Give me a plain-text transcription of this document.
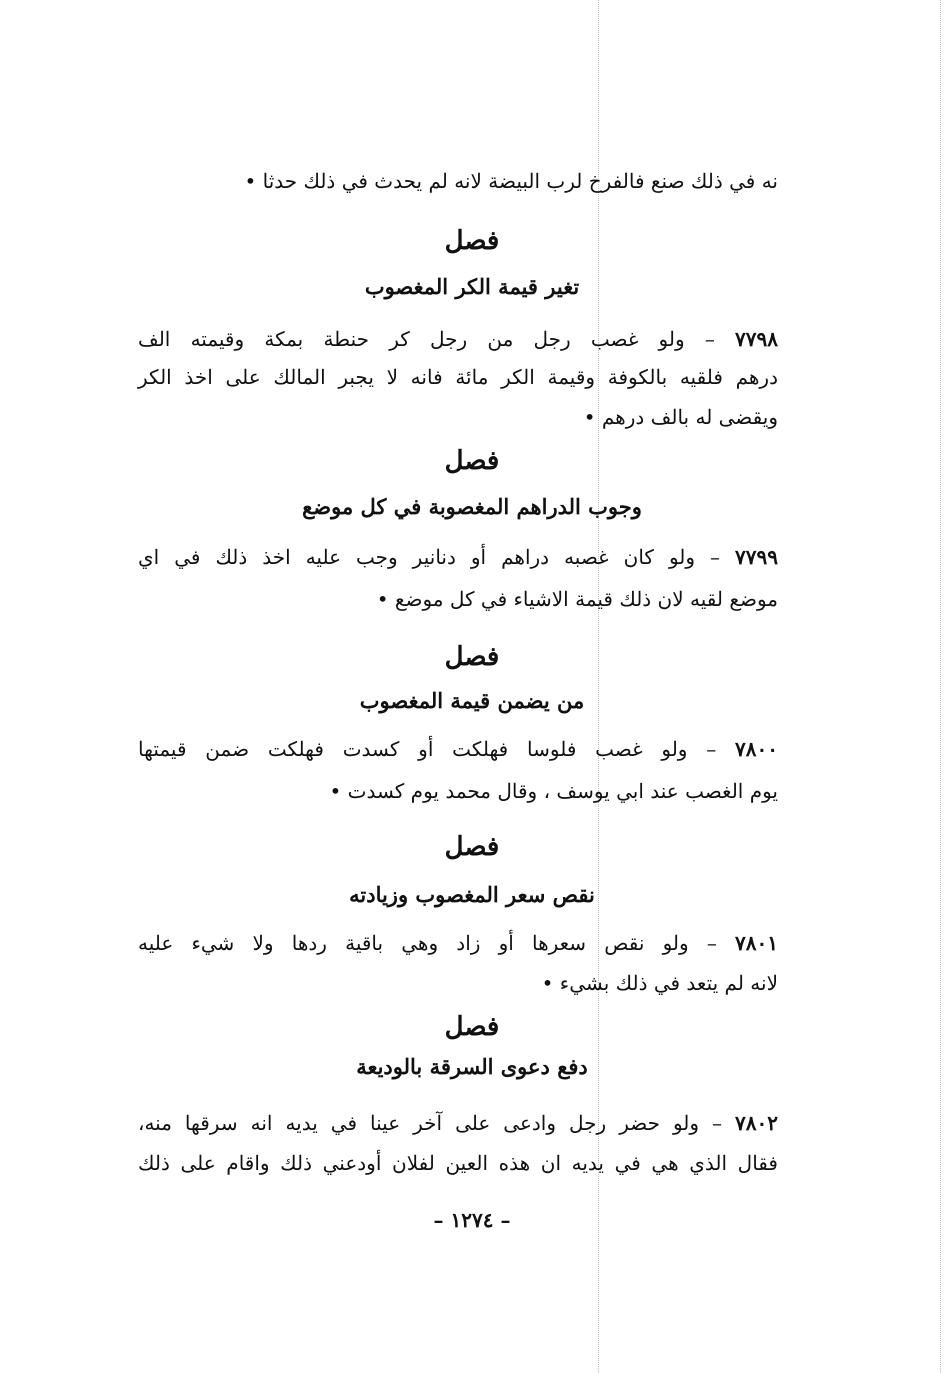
نه في ذلك صنع فالفرخ لرب البيضة لانه لم يحدث في ذلك حدثا •
فصل
تغير قيمة الكر المغصوب
٧٧٩٨ – ولو غصب رجل من رجل كر حنطة بمكة وقيمته الف
درهم فلقيه بالكوفة وقيمة الكر مائة فانه لا يجبر المالك على اخذ الكر
ويقضى له بالف درهم •
فصل
وجوب الدراهم المغصوبة في كل موضع
٧٧٩٩ – ولو كان غصبه دراهم أو دنانير وجب عليه اخذ ذلك في اي
موضع لقيه لان ذلك قيمة الاشياء في كل موضع •
فصل
من يضمن قيمة المغصوب
٧٨٠٠ – ولو غصب فلوسا فهلكت أو كسدت فهلكت ضمن قيمتها
يوم الغصب عند ابي يوسف ، وقال محمد يوم كسدت •
فصل
نقص سعر المغصوب وزيادته
٧٨٠١ – ولو نقص سعرها أو زاد وهي باقية ردها ولا شيء عليه
لانه لم يتعد في ذلك بشيء •
فصل
دفع دعوى السرقة بالوديعة
٧٨٠٢ – ولو حضر رجل وادعى على آخر عينا في يديه انه سرقها منه،
فقال الذي هي في يديه ان هذه العين لفلان أودعني ذلك واقام على ذلك
– ١٢٧٤ –
